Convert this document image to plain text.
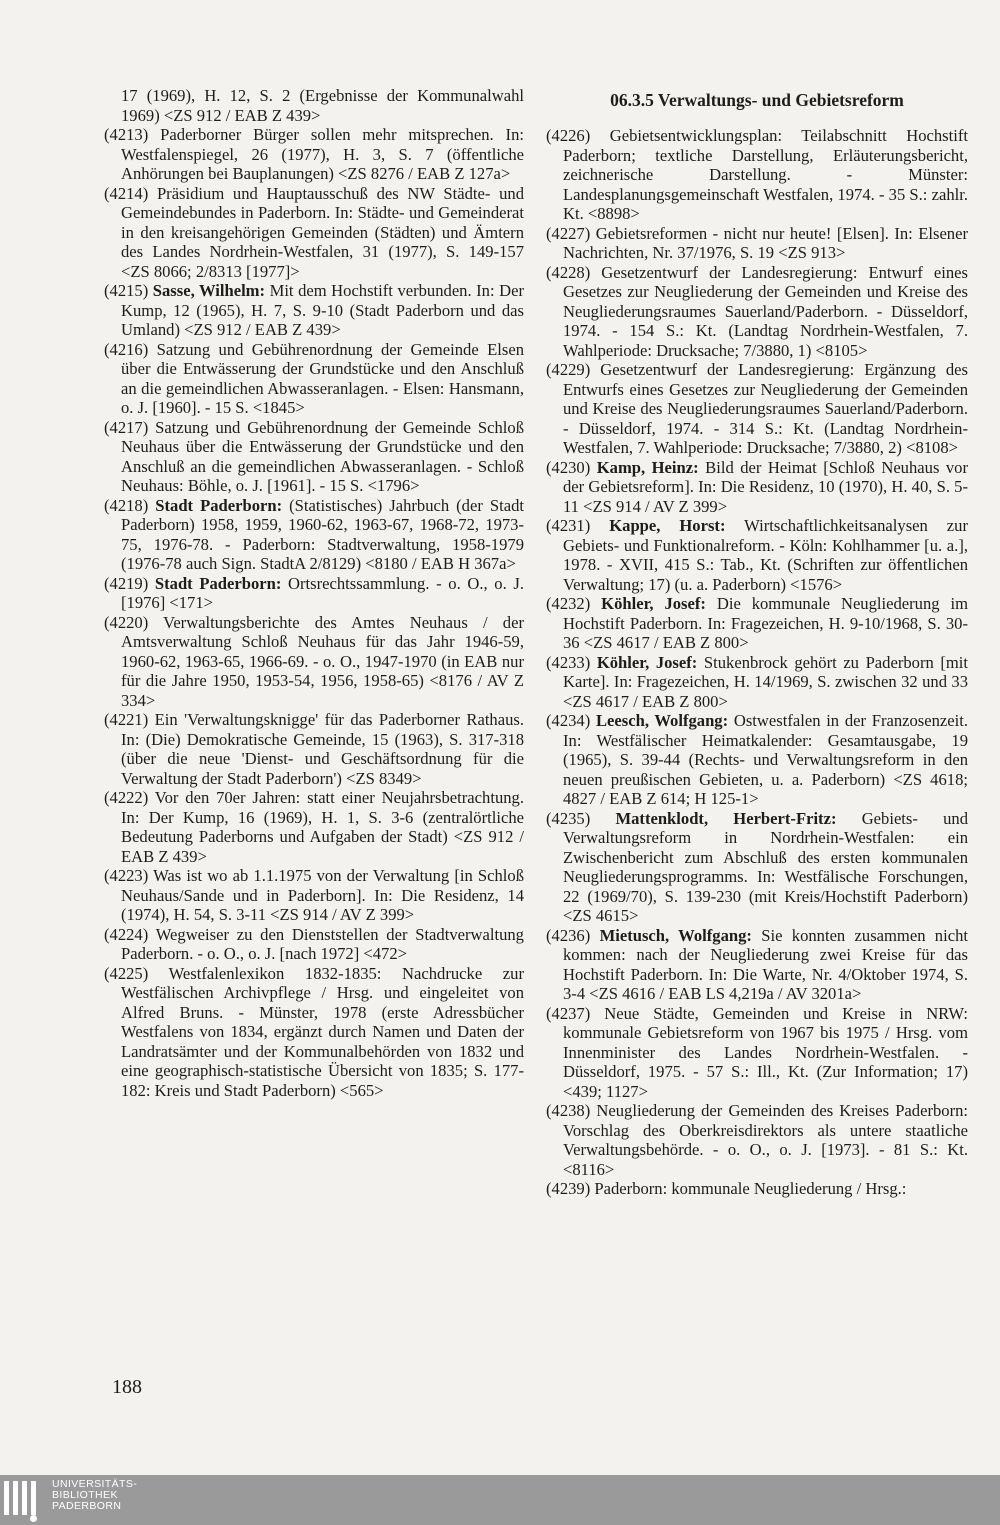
17 (1969), H. 12, S. 2 (Ergebnisse der Kommunalwahl 1969) <ZS 912 / EAB Z 439>

(4213) Paderborner Bürger sollen mehr mitsprechen. In: Westfalenspiegel, 26 (1977), H. 3, S. 7 (öffentliche Anhörungen bei Bauplanungen) <ZS 8276 / EAB Z 127a>

(4214) Präsidium und Hauptausschuß des NW Städte- und Gemeindebundes in Paderborn. In: Städte- und Gemeinderat in den kreisangehörigen Gemeinden (Städten) und Ämtern des Landes Nordrhein-Westfalen, 31 (1977), S. 149-157 <ZS 8066; 2/8313 [1977]>

(4215) Sasse, Wilhelm: Mit dem Hochstift verbunden. In: Der Kump, 12 (1965), H. 7, S. 9-10 (Stadt Paderborn und das Umland) <ZS 912 / EAB Z 439>

(4216) Satzung und Gebührenordnung der Gemeinde Elsen über die Entwässerung der Grundstücke und den Anschluß an die gemeindlichen Abwasseranlagen. - Elsen: Hansmann, o. J. [1960]. - 15 S. <1845>

(4217) Satzung und Gebührenordnung der Gemeinde Schloß Neuhaus über die Entwässerung der Grundstücke und den Anschluß an die gemeindlichen Abwasseranlagen. - Schloß Neuhaus: Böhle, o. J. [1961]. - 15 S. <1796>

(4218) Stadt Paderborn: (Statistisches) Jahrbuch (der Stadt Paderborn) 1958, 1959, 1960-62, 1963-67, 1968-72, 1973-75, 1976-78. - Paderborn: Stadtverwaltung, 1958-1979 (1976-78 auch Sign. StadtA 2/8129) <8180 / EAB H 367a>

(4219) Stadt Paderborn: Ortsrechtssammlung. - o. O., o. J. [1976] <171>

(4220) Verwaltungsberichte des Amtes Neuhaus / der Amtsverwaltung Schloß Neuhaus für das Jahr 1946-59, 1960-62, 1963-65, 1966-69. - o. O., 1947-1970 (in EAB nur für die Jahre 1950, 1953-54, 1956, 1958-65) <8176 / AV Z 334>

(4221) Ein 'Verwaltungsknigge' für das Paderborner Rathaus. In: (Die) Demokratische Gemeinde, 15 (1963), S. 317-318 (über die neue 'Dienst- und Geschäftsordnung für die Verwaltung der Stadt Paderborn') <ZS 8349>

(4222) Vor den 70er Jahren: statt einer Neujahrsbetrachtung. In: Der Kump, 16 (1969), H. 1, S. 3-6 (zentralörtliche Bedeutung Paderborns und Aufgaben der Stadt) <ZS 912 / EAB Z 439>

(4223) Was ist wo ab 1.1.1975 von der Verwaltung [in Schloß Neuhaus/Sande und in Paderborn]. In: Die Residenz, 14 (1974), H. 54, S. 3-11 <ZS 914 / AV Z 399>

(4224) Wegweiser zu den Dienststellen der Stadtverwaltung Paderborn. - o. O., o. J. [nach 1972] <472>

(4225) Westfalenlexikon 1832-1835: Nachdrucke zur Westfälischen Archivpflege / Hrsg. und eingeleitet von Alfred Bruns. - Münster, 1978 (erste Adressbücher Westfalens von 1834, ergänzt durch Namen und Daten der Landratsämter und der Kommunalbehörden von 1832 und eine geographisch-statistische Übersicht von 1835; S. 177-182: Kreis und Stadt Paderborn) <565>

06.3.5 Verwaltungs- und Gebietsreform

(4226) Gebietsentwicklungsplan: Teilabschnitt Hochstift Paderborn; textliche Darstellung, Erläuterungsbericht, zeichnerische Darstellung. - Münster: Landesplanungsgemeinschaft Westfalen, 1974. - 35 S.: zahlr. Kt. <8898>

(4227) Gebietsreformen - nicht nur heute! [Elsen]. In: Elsener Nachrichten, Nr. 37/1976, S. 19 <ZS 913>

(4228) Gesetzentwurf der Landesregierung: Entwurf eines Gesetzes zur Neugliederung der Gemeinden und Kreise des Neugliederungsraumes Sauerland/Paderborn. - Düsseldorf, 1974. - 154 S.: Kt. (Landtag Nordrhein-Westfalen, 7. Wahlperiode: Drucksache; 7/3880, 1) <8105>

(4229) Gesetzentwurf der Landesregierung: Ergänzung des Entwurfs eines Gesetzes zur Neugliederung der Gemeinden und Kreise des Neugliederungsraumes Sauerland/Paderborn. - Düsseldorf, 1974. - 314 S.: Kt. (Landtag Nordrhein-Westfalen, 7. Wahlperiode: Drucksache; 7/3880, 2) <8108>

(4230) Kamp, Heinz: Bild der Heimat [Schloß Neuhaus vor der Gebietsreform]. In: Die Residenz, 10 (1970), H. 40, S. 5-11 <ZS 914 / AV Z 399>

(4231) Kappe, Horst: Wirtschaftlichkeitsanalysen zur Gebiets- und Funktionalreform. - Köln: Kohlhammer [u. a.], 1978. - XVII, 415 S.: Tab., Kt. (Schriften zur öffentlichen Verwaltung; 17) (u. a. Paderborn) <1576>

(4232) Köhler, Josef: Die kommunale Neugliederung im Hochstift Paderborn. In: Fragezeichen, H. 9-10/1968, S. 30-36 <ZS 4617 / EAB Z 800>

(4233) Köhler, Josef: Stukenbrock gehört zu Paderborn [mit Karte]. In: Fragezeichen, H. 14/1969, S. zwischen 32 und 33 <ZS 4617 / EAB Z 800>

(4234) Leesch, Wolfgang: Ostwestfalen in der Franzosenzeit. In: Westfälischer Heimatkalender: Gesamtausgabe, 19 (1965), S. 39-44 (Rechts- und Verwaltungsreform in den neuen preußischen Gebieten, u. a. Paderborn) <ZS 4618; 4827 / EAB Z 614; H 125-1>

(4235) Mattenklodt, Herbert-Fritz: Gebiets- und Verwaltungsreform in Nordrhein-Westfalen: ein Zwischenbericht zum Abschluß des ersten kommunalen Neugliederungsprogramms. In: Westfälische Forschungen, 22 (1969/70), S. 139-230 (mit Kreis/Hochstift Paderborn) <ZS 4615>

(4236) Mietusch, Wolfgang: Sie konnten zusammen nicht kommen: nach der Neugliederung zwei Kreise für das Hochstift Paderborn. In: Die Warte, Nr. 4/Oktober 1974, S. 3-4 <ZS 4616 / EAB LS 4,219a / AV 3201a>

(4237) Neue Städte, Gemeinden und Kreise in NRW: kommunale Gebietsreform von 1967 bis 1975 / Hrsg. vom Innenminister des Landes Nordrhein-Westfalen. - Düsseldorf, 1975. - 57 S.: Ill., Kt. (Zur Information; 17) <439; 1127>

(4238) Neugliederung der Gemeinden des Kreises Paderborn: Vorschlag des Oberkreisdirektors als untere staatliche Verwaltungsbehörde. - o. O., o. J. [1973]. - 81 S.: Kt. <8116>

(4239) Paderborn: kommunale Neugliederung / Hrsg.:

188
UNIVERSITÄTS-
BIBLIOTHEK
PADERBORN
